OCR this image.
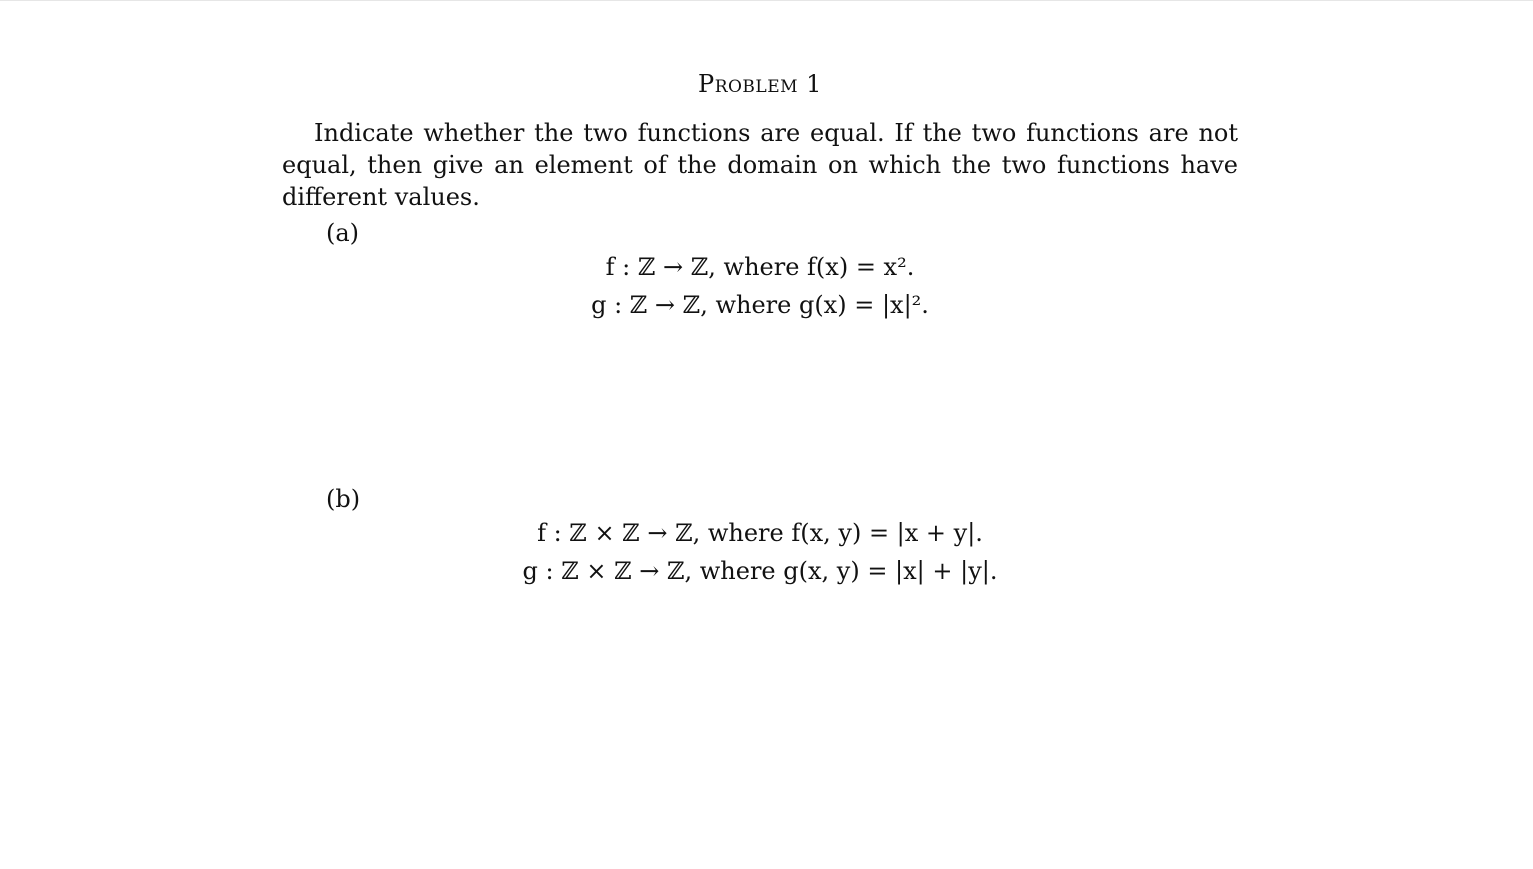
Problem 1
Indicate whether the two functions are equal. If the two functions are not equal, then give an element of the domain on which the two functions have different values.
(a)
f : ℤ → ℤ, where f(x) = x².
g : ℤ → ℤ, where g(x) = |x|².
(b)
f : ℤ × ℤ → ℤ, where f(x, y) = |x + y|.
g : ℤ × ℤ → ℤ, where g(x, y) = |x| + |y|.
